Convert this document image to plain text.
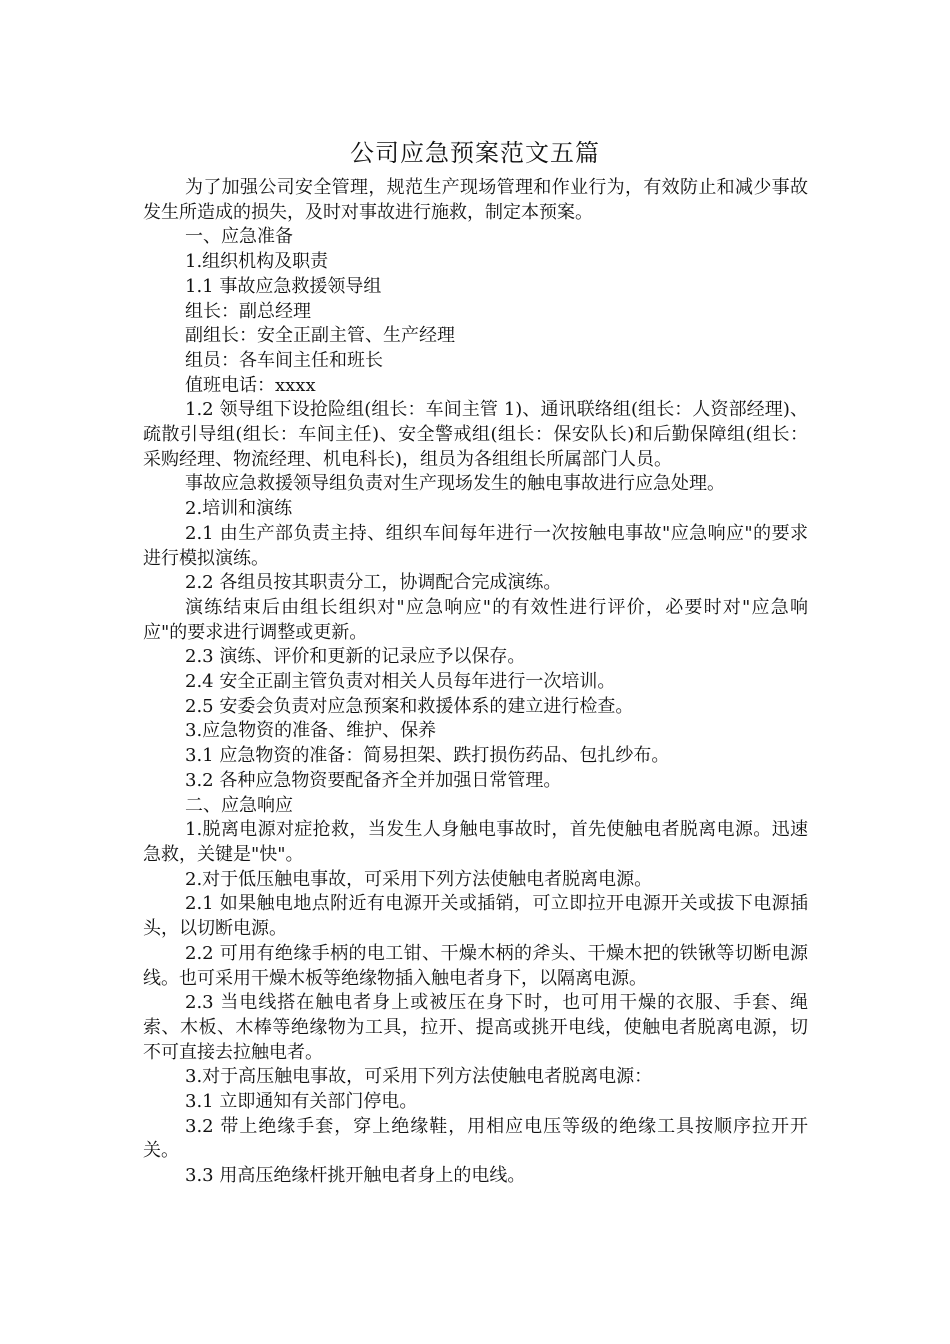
公司应急预案范文五篇

为了加强公司安全管理，规范生产现场管理和作业行为，有效防止和减少事故发生所造成的损失，及时对事故进行施救，制定本预案。

一、应急准备

1.组织机构及职责

1.1 事故应急救援领导组

组长：副总经理

副组长：安全正副主管、生产经理

组员：各车间主任和班长

值班电话：xxxx

1.2 领导组下设抢险组(组长：车间主管 1)、通讯联络组(组长：人资部经理)、疏散引导组(组长：车间主任)、安全警戒组(组长：保安队长)和后勤保障组(组长：采购经理、物流经理、机电科长)，组员为各组组长所属部门人员。

事故应急救援领导组负责对生产现场发生的触电事故进行应急处理。

2.培训和演练

2.1 由生产部负责主持、组织车间每年进行一次按触电事故"应急响应"的要求进行模拟演练。

2.2 各组员按其职责分工，协调配合完成演练。

演练结束后由组长组织对"应急响应"的有效性进行评价，必要时对"应急响应"的要求进行调整或更新。

2.3 演练、评价和更新的记录应予以保存。

2.4 安全正副主管负责对相关人员每年进行一次培训。

2.5 安委会负责对应急预案和救援体系的建立进行检查。

3.应急物资的准备、维护、保养

3.1 应急物资的准备：简易担架、跌打损伤药品、包扎纱布。

3.2 各种应急物资要配备齐全并加强日常管理。

二、应急响应

1.脱离电源对症抢救，当发生人身触电事故时，首先使触电者脱离电源。迅速急救，关键是"快"。

2.对于低压触电事故，可采用下列方法使触电者脱离电源。

2.1 如果触电地点附近有电源开关或插销，可立即拉开电源开关或拔下电源插头，以切断电源。

2.2 可用有绝缘手柄的电工钳、干燥木柄的斧头、干燥木把的铁锹等切断电源线。也可采用干燥木板等绝缘物插入触电者身下，以隔离电源。

2.3 当电线搭在触电者身上或被压在身下时，也可用干燥的衣服、手套、绳索、木板、木棒等绝缘物为工具，拉开、提高或挑开电线，使触电者脱离电源，切不可直接去拉触电者。

3.对于高压触电事故，可采用下列方法使触电者脱离电源：

3.1 立即通知有关部门停电。

3.2 带上绝缘手套，穿上绝缘鞋，用相应电压等级的绝缘工具按顺序拉开开关。

3.3 用高压绝缘杆挑开触电者身上的电线。
